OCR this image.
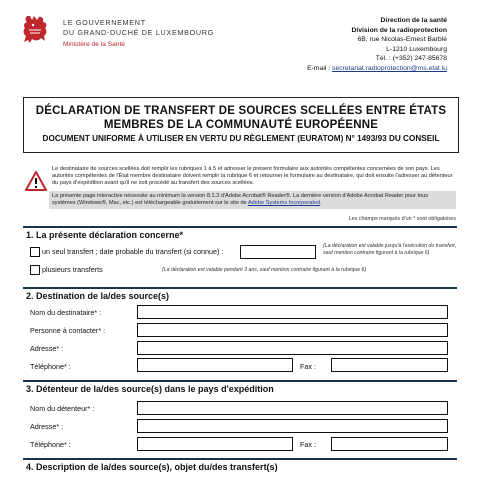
LE GOUVERNEMENT
DU GRAND-DUCHÉ DE LUXEMBOURG
Ministère de la Santé
Direction de la santé
Division de la radioprotection
6B, rue Nicolas-Ernest Barblé
L-1210 Luxembourg
Tél. : (+352) 247-85678
E-mail : secretariat.radioprotection@ms.etat.lu
DÉCLARATION DE TRANSFERT DE SOURCES SCELLÉES ENTRE ÉTATS
MEMBRES DE LA COMMUNAUTÉ EUROPÉENNE
DOCUMENT UNIFORME À UTILISER EN VERTU DU RÈGLEMENT (EURATOM) N° 1493/93 DU CONSEIL

Le destinataire de sources scellées doit remplir les rubriques 1 à 5 et adresser le présent formulaire aux autorités compétentes concernées de son pays. Les autorités compétentes de l'État membre destinataire doivent remplir la rubrique 6 et retourner le formulaire au destinataire, qui doit ensuite l'adresser au détenteur du pays d'expédition avant qu'il ne soit procédé au transfert des sources scellées.

La présente page interactive nécessite au minimum la version 8.1.3 d'Adobe Acrobat® Reader®. La dernière version d'Adobe Acrobat Reader pour tous systèmes (Windows®, Mac, etc.) est téléchargeable gratuitement sur le site de Adobe Systems Incorporated.

Les champs marqués d'un * sont obligatoires
1. La présente déclaration concerne*
un seul transfert ; date probable du transfert (si connue) :
(La déclaration est valable jusqu'à l'exécution du transfert, sauf mention contraire figurant à la rubrique 6)
plusieurs transferts	(La déclaration est valable pendant 3 ans, sauf mention contraire figurant à la rubrique 6)
2. Destination de la/des source(s)
Nom du destinataire* :
Personne à contacter* :
Adresse* :
Téléphone* :	Fax :
3. Détenteur de la/des source(s) dans le pays d'expédition
Nom du détenteur* :
Adresse* :
Téléphone* :	Fax :
4. Description de la/des source(s), objet du/des transfert(s)
